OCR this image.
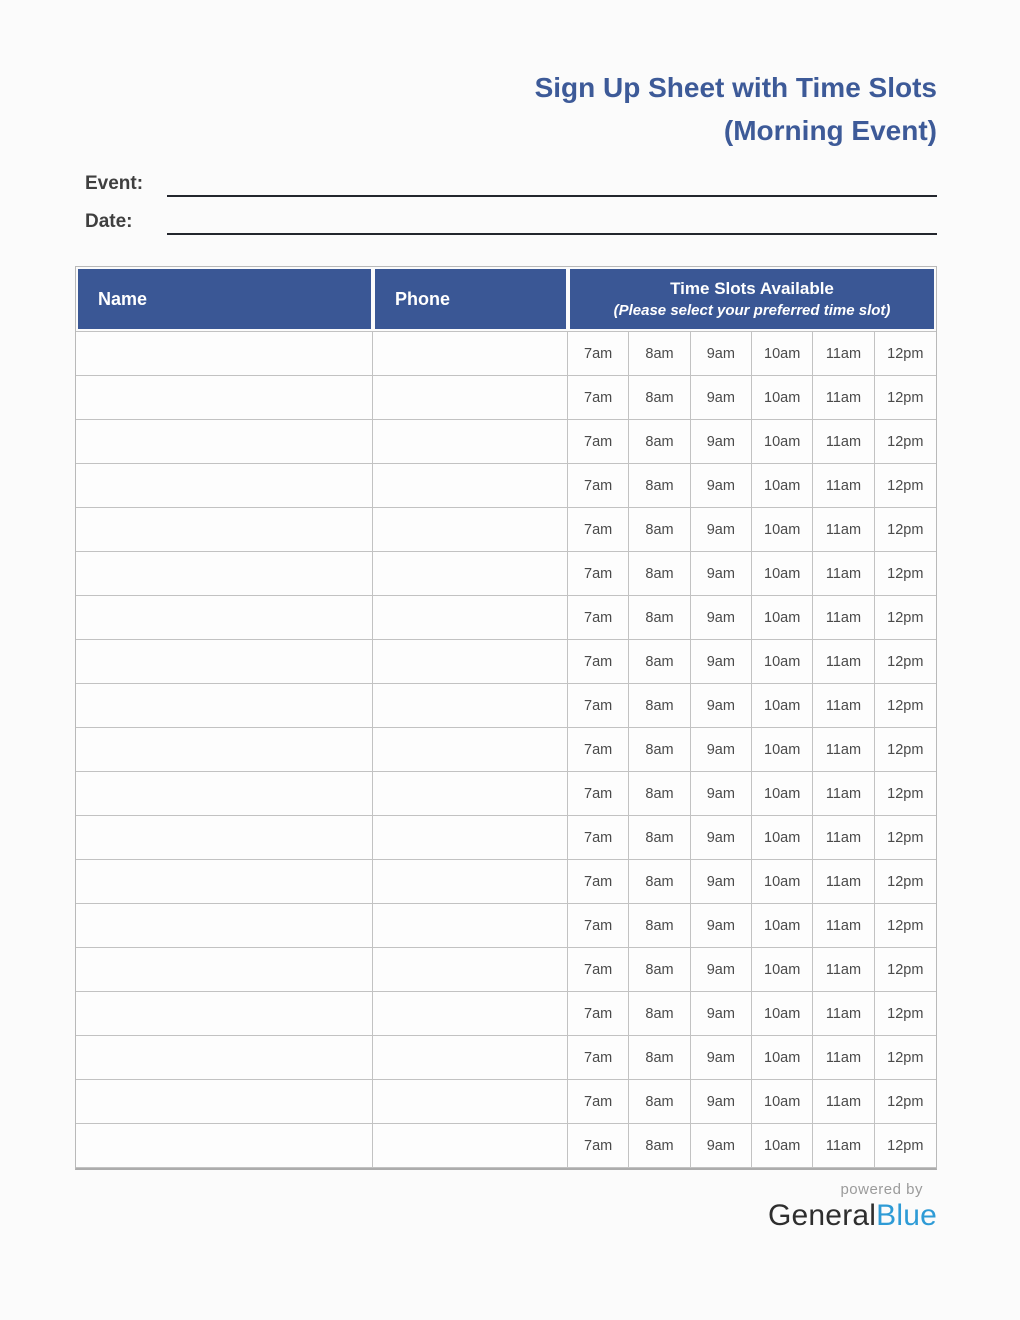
Sign Up Sheet with Time Slots
(Morning Event)
Event:
Date:
Name	Phone	Time Slots Available
(Please select your preferred time slot)					

		7am	8am	9am	10am	11am	12pm
		7am	8am	9am	10am	11am	12pm
		7am	8am	9am	10am	11am	12pm
		7am	8am	9am	10am	11am	12pm
		7am	8am	9am	10am	11am	12pm
		7am	8am	9am	10am	11am	12pm
		7am	8am	9am	10am	11am	12pm
		7am	8am	9am	10am	11am	12pm
		7am	8am	9am	10am	11am	12pm
		7am	8am	9am	10am	11am	12pm
		7am	8am	9am	10am	11am	12pm
		7am	8am	9am	10am	11am	12pm
		7am	8am	9am	10am	11am	12pm
		7am	8am	9am	10am	11am	12pm
		7am	8am	9am	10am	11am	12pm
		7am	8am	9am	10am	11am	12pm
		7am	8am	9am	10am	11am	12pm
		7am	8am	9am	10am	11am	12pm
		7am	8am	9am	10am	11am	12pm
powered by
GeneralBlue
